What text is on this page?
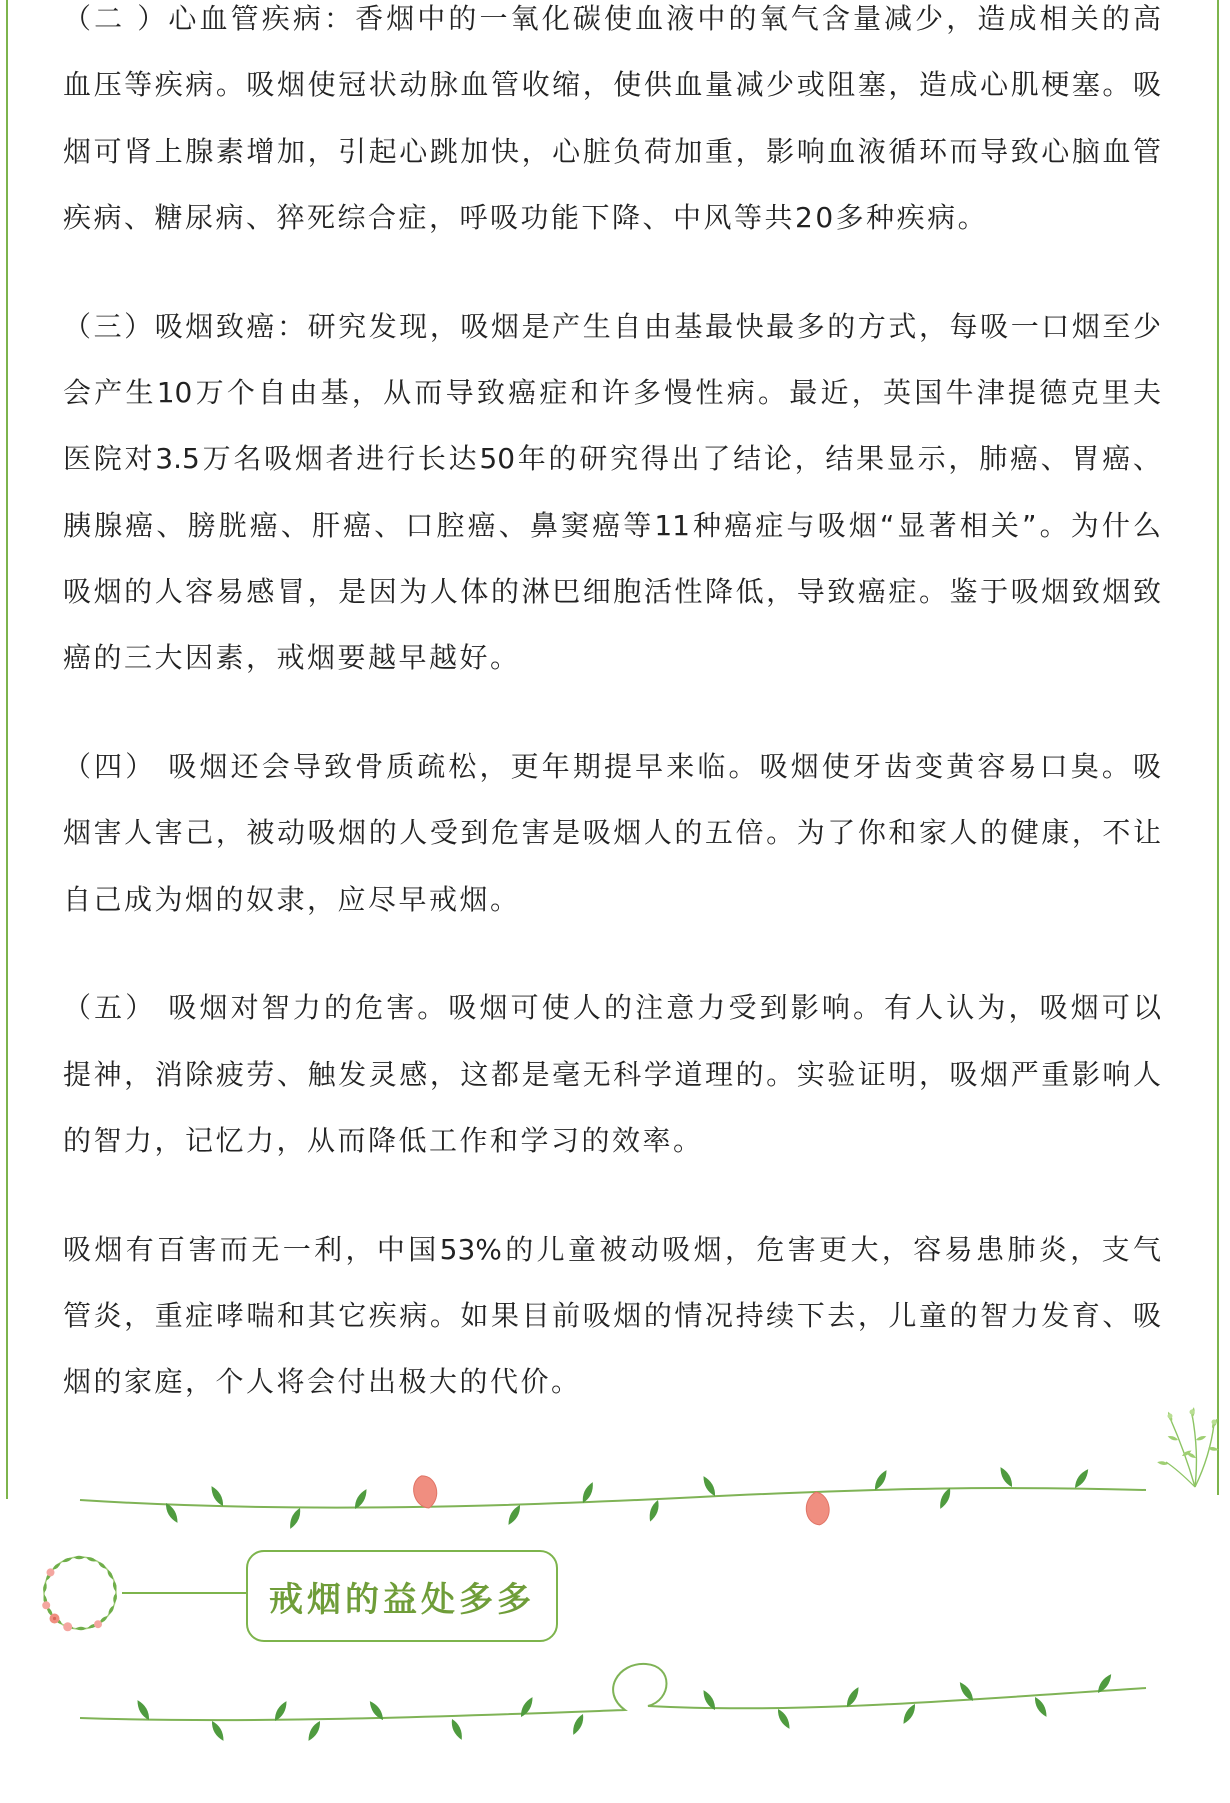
（二 ）心血管疾病：香烟中的一氧化碳使血液中的氧气含量减少，造成相关的高
血压等疾病。吸烟使冠状动脉血管收缩，使供血量减少或阻塞，造成心肌梗塞。吸
烟可肾上腺素增加，引起心跳加快，心脏负荷加重，影响血液循环而导致心脑血管
疾病、糖尿病、猝死综合症，呼吸功能下降、中风等共20多种疾病。
（三）吸烟致癌：研究发现，吸烟是产生自由基最快最多的方式，每吸一口烟至少
会产生10万个自由基，从而导致癌症和许多慢性病。最近，英国牛津提德克里夫
医院对3.5万名吸烟者进行长达50年的研究得出了结论，结果显示，肺癌、胃癌、
胰腺癌、膀胱癌、肝癌、口腔癌、鼻窦癌等11种癌症与吸烟“显著相关”。为什么
吸烟的人容易感冒，是因为人体的淋巴细胞活性降低，导致癌症。鉴于吸烟致烟致
癌的三大因素，戒烟要越早越好。
（四） 吸烟还会导致骨质疏松，更年期提早来临。吸烟使牙齿变黄容易口臭。吸
烟害人害己，被动吸烟的人受到危害是吸烟人的五倍。为了你和家人的健康，不让
自己成为烟的奴隶，应尽早戒烟。
（五） 吸烟对智力的危害。吸烟可使人的注意力受到影响。有人认为，吸烟可以
提神，消除疲劳、触发灵感，这都是毫无科学道理的。实验证明，吸烟严重影响人
的智力，记忆力，从而降低工作和学习的效率。
吸烟有百害而无一利，中国53%的儿童被动吸烟，危害更大，容易患肺炎，支气
管炎，重症哮喘和其它疾病。如果目前吸烟的情况持续下去，儿童的智力发育、吸
烟的家庭，个人将会付出极大的代价。
戒烟的益处多多
